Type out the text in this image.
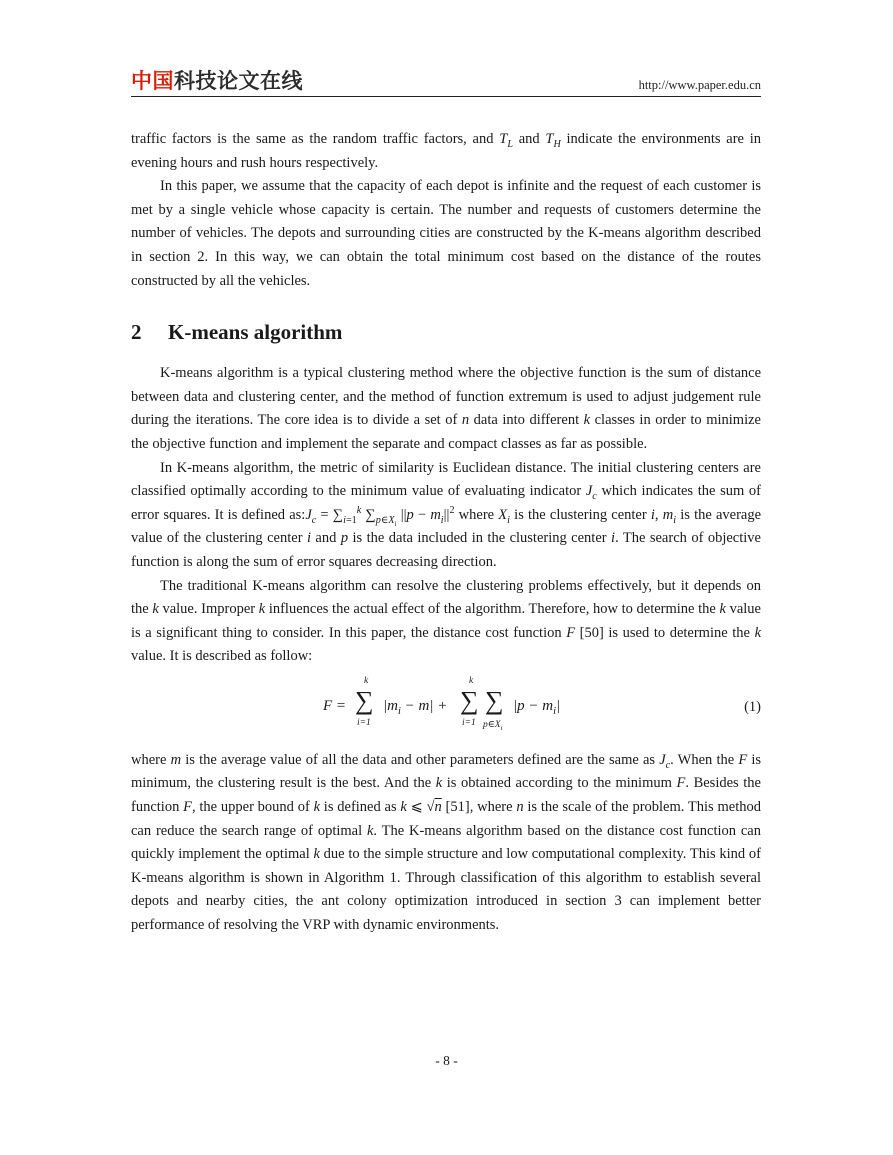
中国科技论文在线	http://www.paper.edu.cn

traffic factors is the same as the random traffic factors, and $T_L$ and $T_H$ indicate the environments are in evening hours and rush hours respectively.

In this paper, we assume that the capacity of each depot is infinite and the request of each customer is met by a single vehicle whose capacity is certain. The number and requests of customers determine the number of vehicles. The depots and surrounding cities are constructed by the K-means algorithm described in section 2. In this way, we can obtain the total minimum cost based on the distance of the routes constructed by all the vehicles.

2 K-means algorithm

K-means algorithm is a typical clustering method where the objective function is the sum of distance between data and clustering center, and the method of function extremum is used to adjust judgement rule during the iterations. The core idea is to divide a set of n data into different k classes in order to minimize the objective function and implement the separate and compact classes as far as possible.

In K-means algorithm, the metric of similarity is Euclidean distance. The initial clustering centers are classified optimally according to the minimum value of evaluating indicator $J_c$ which indicates the sum of error squares. It is defined $as:J_c = \sum_{i=1}^k$ $\sum_{p\in X_i}$ $||p - m_i||^2$ where $X_i$ is the clustering center i, $m_i$ is the average value of the clustering center i and p is the data included in the clustering center i. The search of objective function is along the sum of error squares decreasing direction.

The traditional K-means algorithm can resolve the clustering problems effectively, but it depends on the k value. Improper k influences the actual effect of the algorithm. Therefore, how to determine the k value is a significant thing to consider. In this paper, the distance cost function F [50] is used to determine the k value. It is described as follow:

F =
k
∑
i=1
$|m_i - m|$ +
k
∑
i=1
∑
$p\in X_i$
$|p - m_i|$	(1)

where m is the average value of all the data and other parameters defined are the same as $J_c$. When the F is minimum, the clustering result is the best. And the k is obtained according to the minimum F. Besides the function F, the upper bound of k is defined as k ⩽ √n [51], where n is the scale of the problem. This method can reduce the search range of optimal k. The K-means algorithm based on the distance cost function can quickly implement the optimal k due to the simple structure and low computational complexity. This kind of K-means algorithm is shown in Algorithm 1. Through classification of this algorithm to establish several depots and nearby cities, the ant colony optimization introduced in section 3 can implement better performance of resolving the VRP with dynamic environments.

- 8 -
